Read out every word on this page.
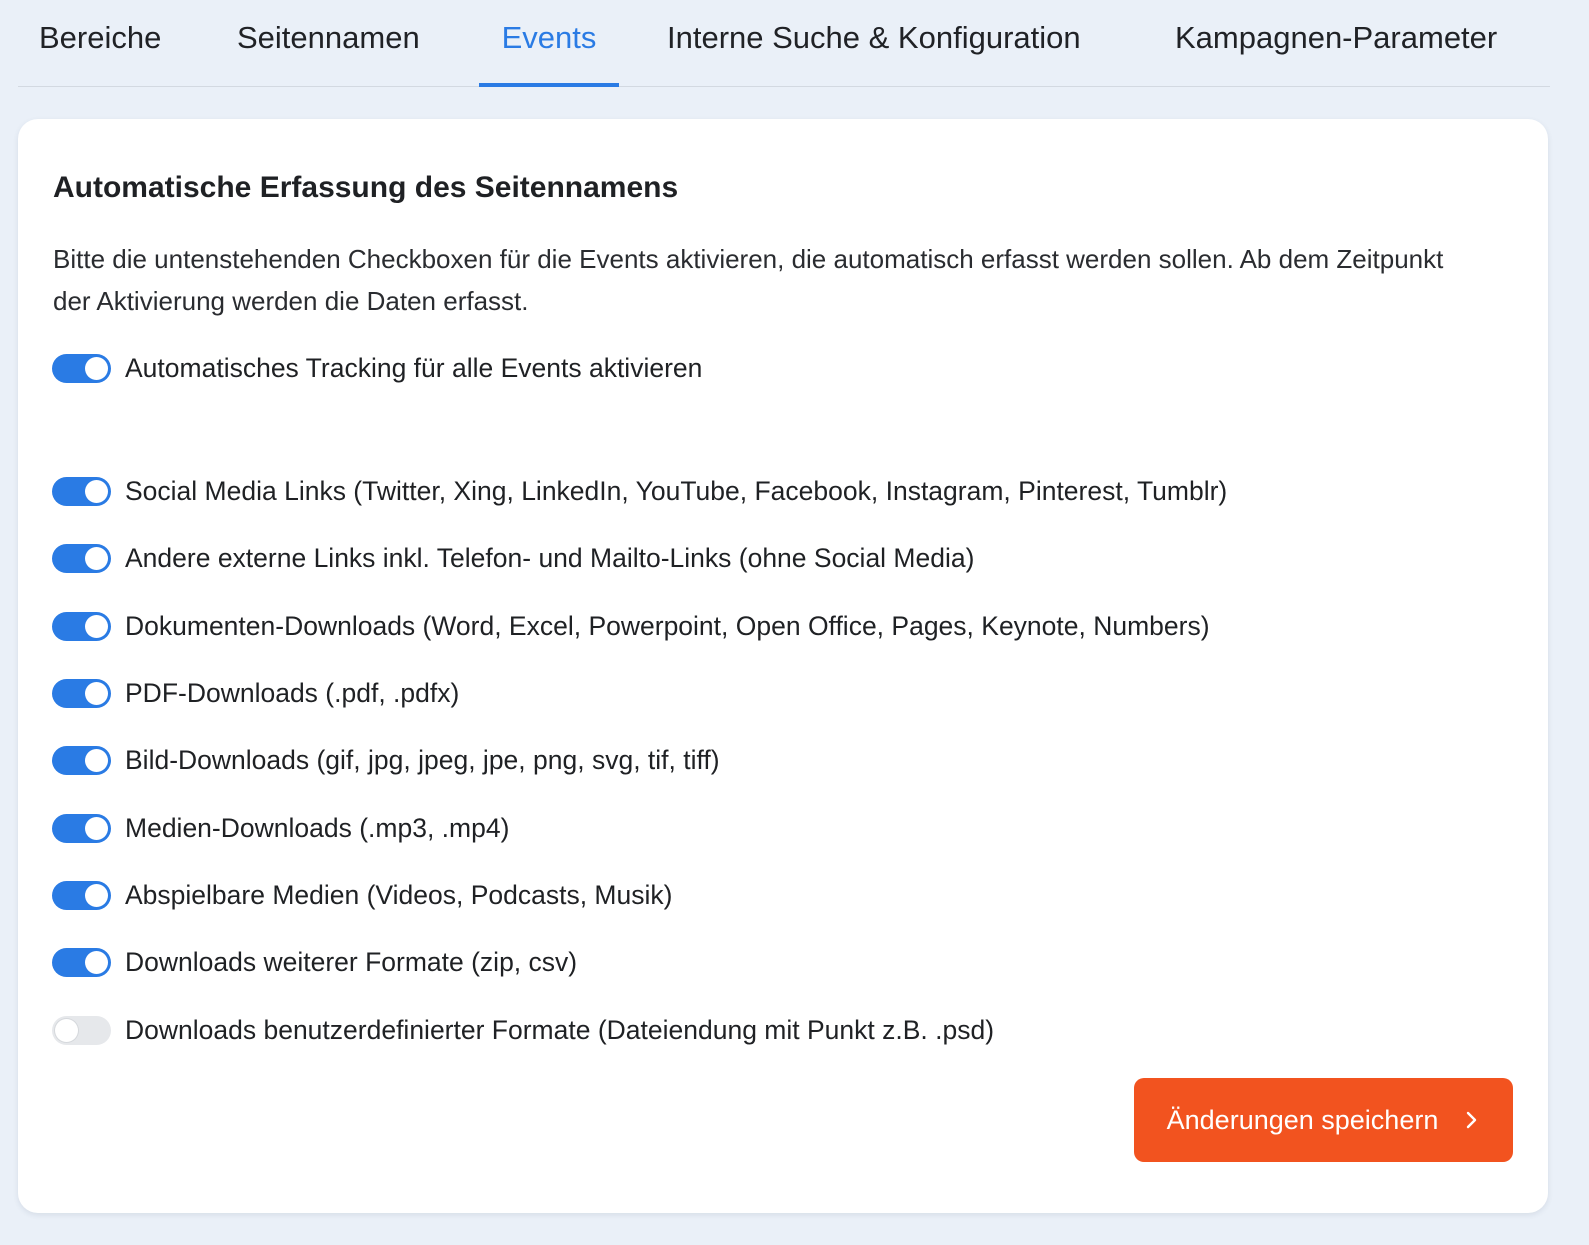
Bereiche Seitennamen	Events	Interne Suche & Konfiguration	Kampagnen-Parameter
Automatische Erfassung des Seitennamens
Bitte die untenstehenden Checkboxen für die Events aktivieren, die automatisch erfasst werden sollen. Ab dem Zeitpunkt der Aktivierung werden die Daten erfasst.
Automatisches Tracking für alle Events aktivieren
Social Media Links (Twitter, Xing, LinkedIn, YouTube, Facebook, Instagram, Pinterest, Tumblr)
Andere externe Links inkl. Telefon- und Mailto-Links (ohne Social Media)
Dokumenten-Downloads (Word, Excel, Powerpoint, Open Office, Pages, Keynote, Numbers)
PDF-Downloads (.pdf, .pdfx)
Bild-Downloads (gif, jpg, jpeg, jpe, png, svg, tif, tiff)
Medien-Downloads (.mp3, .mp4)
Abspielbare Medien (Videos, Podcasts, Musik)
Downloads weiterer Formate (zip, csv)
Downloads benutzerdefinierter Formate (Dateiendung mit Punkt z.B. .psd)
Änderungen speichern
